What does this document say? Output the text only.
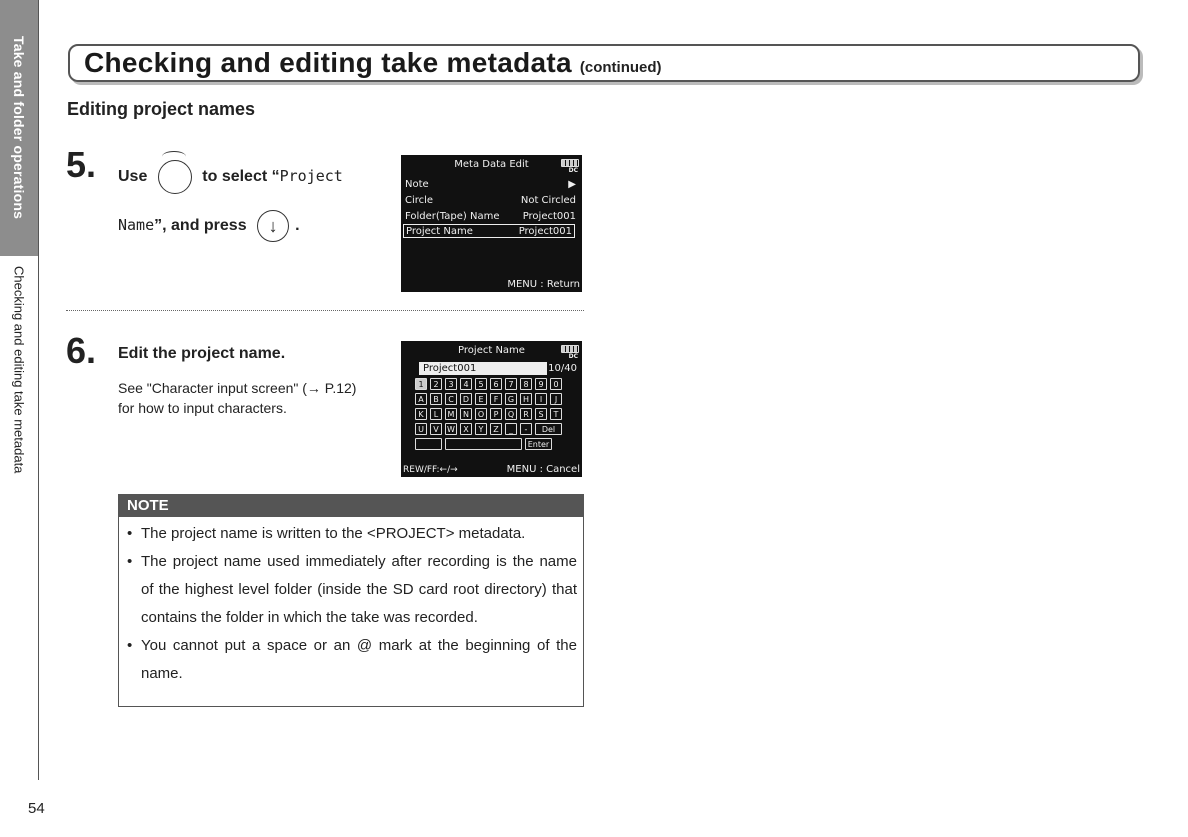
Take and folder operations
Checking and editing take metadata
54
Checking and editing take metadata (continued)
Editing project names
5. Use	to select “Project
Name”, and press ↓ .
Meta Data Edit
DC
Note	▶
Circle	Not Circled
Folder(Tape) Name Project001
Project Name	Project001
MENU : Return
6. Edit the project name.
See "Character input screen" (→ P.12) for how to input characters.
Project Name
DC
Project001	10/40
1	2	3	4	5	6	7	8	9	0
A	B	C	D	E	F	G	H	I	J
K	L	M	N	O	P	Q	R	S	T
U	V	W	X	Y	Z	_	-	Del
Enter
REW/FF:←/→	MENU : Cancel
NOTE
• The project name is written to the <PROJECT> metadata.
• The project name used immediately after recording is the name of the highest level folder (inside the SD card root directory) that contains the folder in which the take was recorded.
• You cannot put a space or an @ mark at the beginning of the name.
